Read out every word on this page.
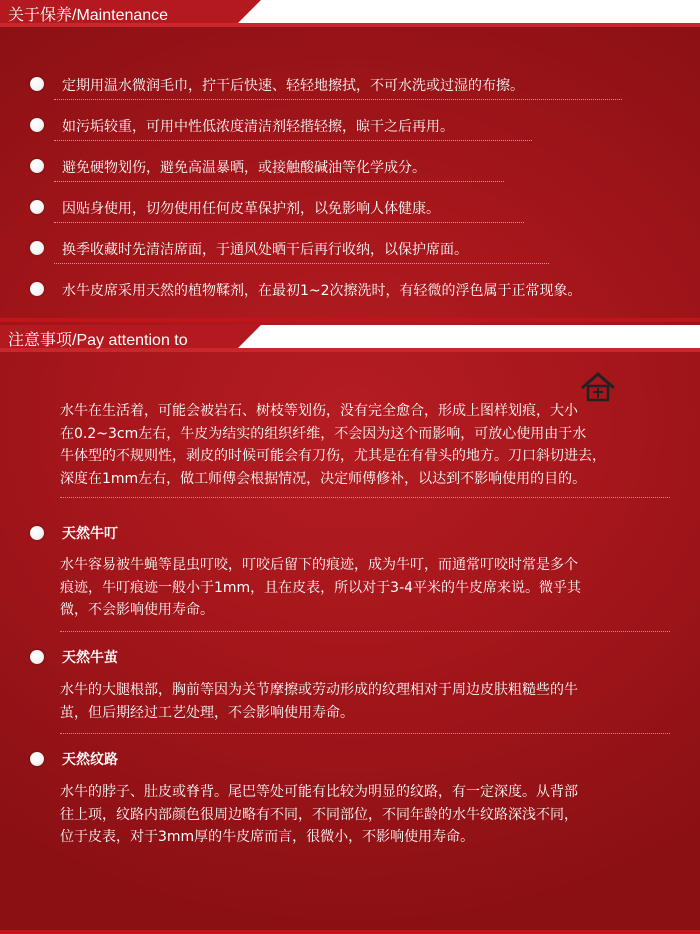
关于保养/Maintenance	►►
定期用温水微润毛巾，拧干后快速、轻轻地擦拭，不可水洗或过湿的布擦。
如污垢较重，可用中性低浓度清洁剂轻揩轻擦，晾干之后再用。
避免硬物划伤，避免高温暴晒，或接触酸碱油等化学成分。
因贴身使用，切勿使用任何皮革保护剂，以免影响人体健康。
换季收藏时先清洁席面，于通风处晒干后再行收纳，以保护席面。
水牛皮席采用天然的植物鞣剂，在最初1~2次擦洗时，有轻微的浮色属于正常现象。
注意事项/Pay attention to	►►
水牛在生活着，可能会被岩石、树枝等划伤，没有完全愈合，形成上图样划痕，大小
在0.2~3cm左右，牛皮为结实的组织纤维，不会因为这个而影响，可放心使用由于水
牛体型的不规则性，剥皮的时候可能会有刀伤，尤其是在有骨头的地方。刀口斜切进去，
深度在1mm左右，做工师傅会根据情况，决定师傅修补，以达到不影响使用的目的。
天然牛叮
水牛容易被牛蝇等昆虫叮咬，叮咬后留下的痕迹，成为牛叮，而通常叮咬时常是多个
痕迹，牛叮痕迹一般小于1mm，且在皮表，所以对于3-4平米的牛皮席来说。微乎其
微，不会影响使用寿命。
天然牛茧
水牛的大腿根部，胸前等因为关节摩擦或劳动形成的纹理相对于周边皮肤粗糙些的牛
茧，但后期经过工艺处理，不会影响使用寿命。
天然纹路
水牛的脖子、肚皮或脊背。尾巴等处可能有比较为明显的纹路，有一定深度。从背部
往上项，纹路内部颜色很周边略有不同，不同部位，不同年龄的水牛纹路深浅不同，
位于皮表，对于3mm厚的牛皮席而言，很微小，不影响使用寿命。
